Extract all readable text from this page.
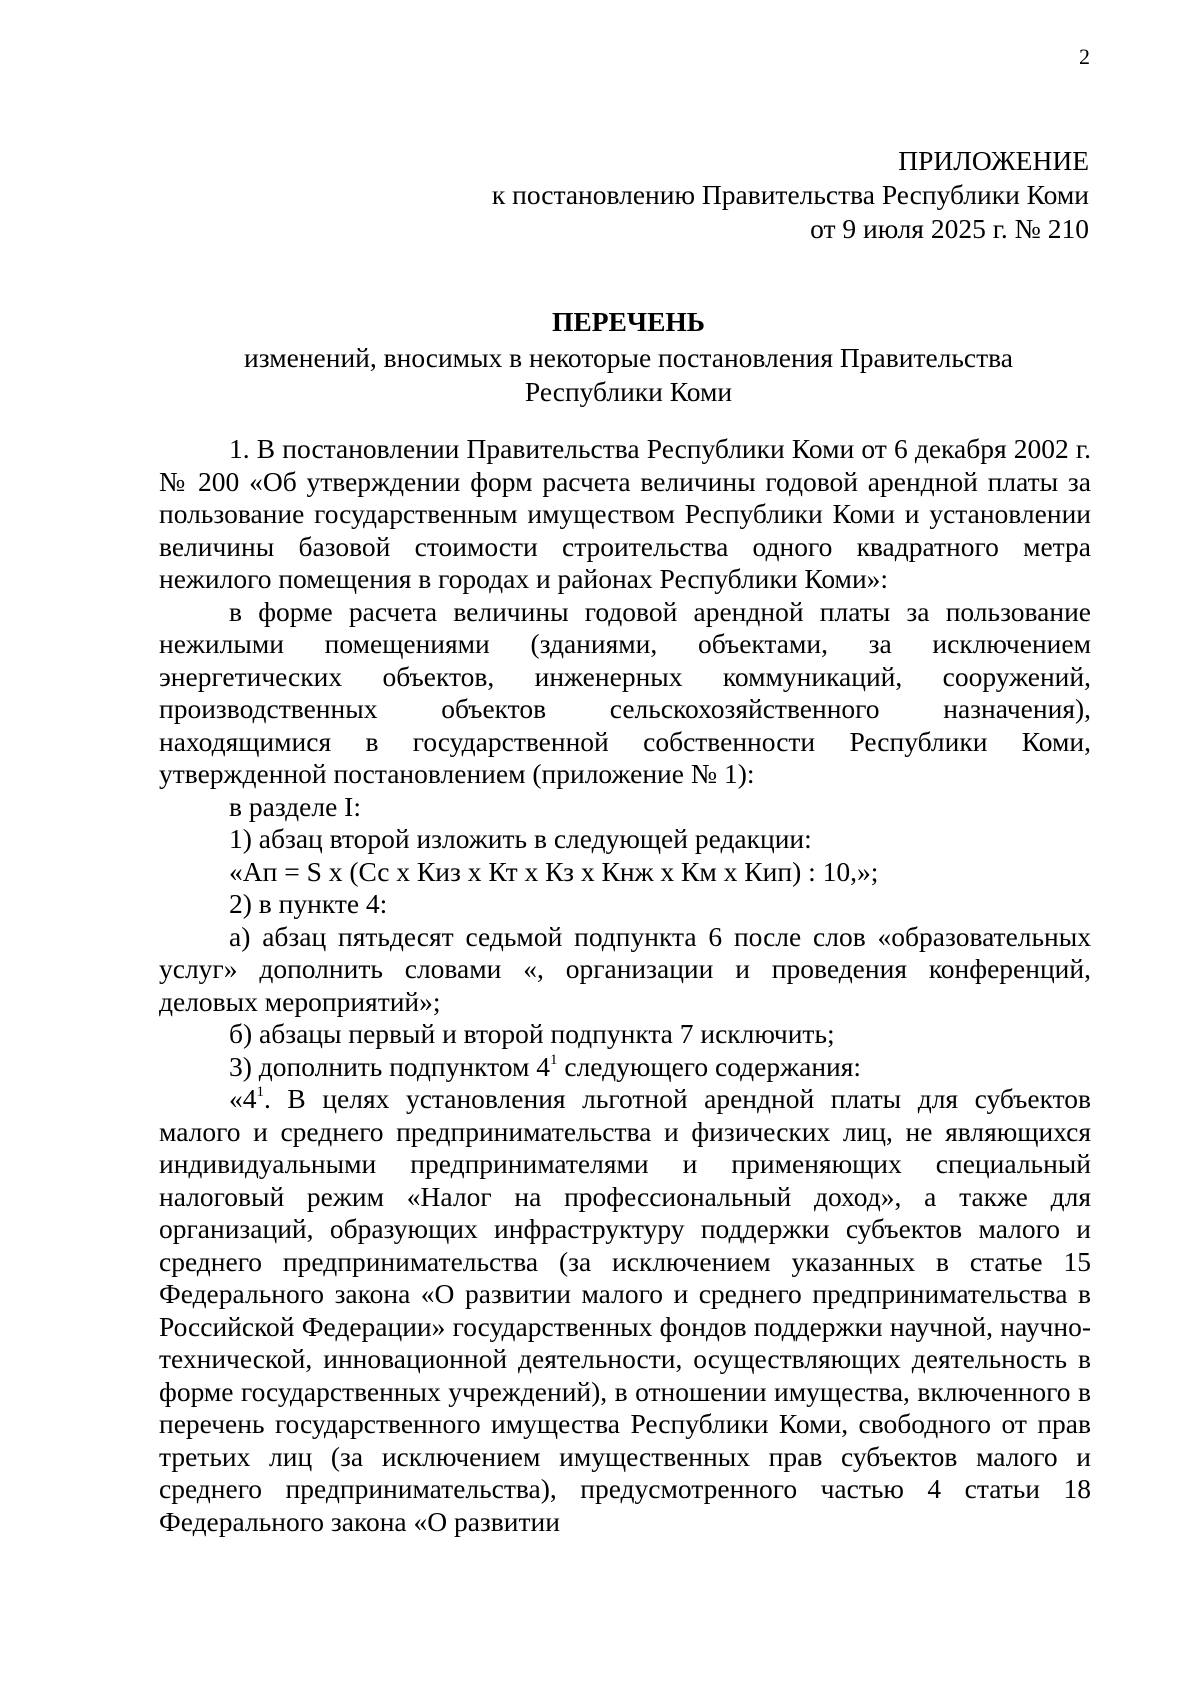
2
ПРИЛОЖЕНИЕ
к постановлению Правительства Республики Коми
от 9 июля 2025 г. № 210
ПЕРЕЧЕНЬ
изменений, вносимых в некоторые постановления Правительства
Республики Коми

1. В постановлении Правительства Республики Коми от 6 декабря 2002 г. № 200 «Об утверждении форм расчета величины годовой арендной платы за пользование государственным имуществом Республики Коми и установлении величины базовой стоимости строительства одного квадратного метра нежилого помещения в городах и районах Республики Коми»:

в форме расчета величины годовой арендной платы за пользование нежилыми помещениями (зданиями, объектами, за исключением энергетических объектов, инженерных коммуникаций, сооружений, производственных объектов сельскохозяйственного назначения), находящимися в государственной собственности Республики Коми, утвержденной постановлением (приложение № 1):

в разделе I:

1) абзац второй изложить в следующей редакции:

«Ап = S x (Сс x Киз x Кт x Кз x Кнж x Км x Кип) : 10,»;

2) в пункте 4:

а) абзац пятьдесят седьмой подпункта 6 после слов «образовательных услуг» дополнить словами «, организации и проведения конференций, деловых мероприятий»;

б) абзацы первый и второй подпункта 7 исключить;

3) дополнить подпунктом $4^1$ следующего содержания:

«$4^1$. В целях установления льготной арендной платы для субъектов малого и среднего предпринимательства и физических лиц, не являющихся индивидуальными предпринимателями и применяющих специальный налоговый режим «Налог на профессиональный доход», а также для организаций, образующих инфраструктуру поддержки субъектов малого и среднего предпринимательства (за исключением указанных в статье 15 Федерального закона «О развитии малого и среднего предпринимательства в Российской Федерации» государственных фондов поддержки научной, научно-технической, инновационной деятельности, осуществляющих деятельность в форме государственных учреждений), в отношении имущества, включенного в перечень государственного имущества Республики Коми, свободного от прав третьих лиц (за исключением имущественных прав субъектов малого и среднего предпринимательства), предусмотренного частью 4 статьи 18 Федерального закона «О развитии
